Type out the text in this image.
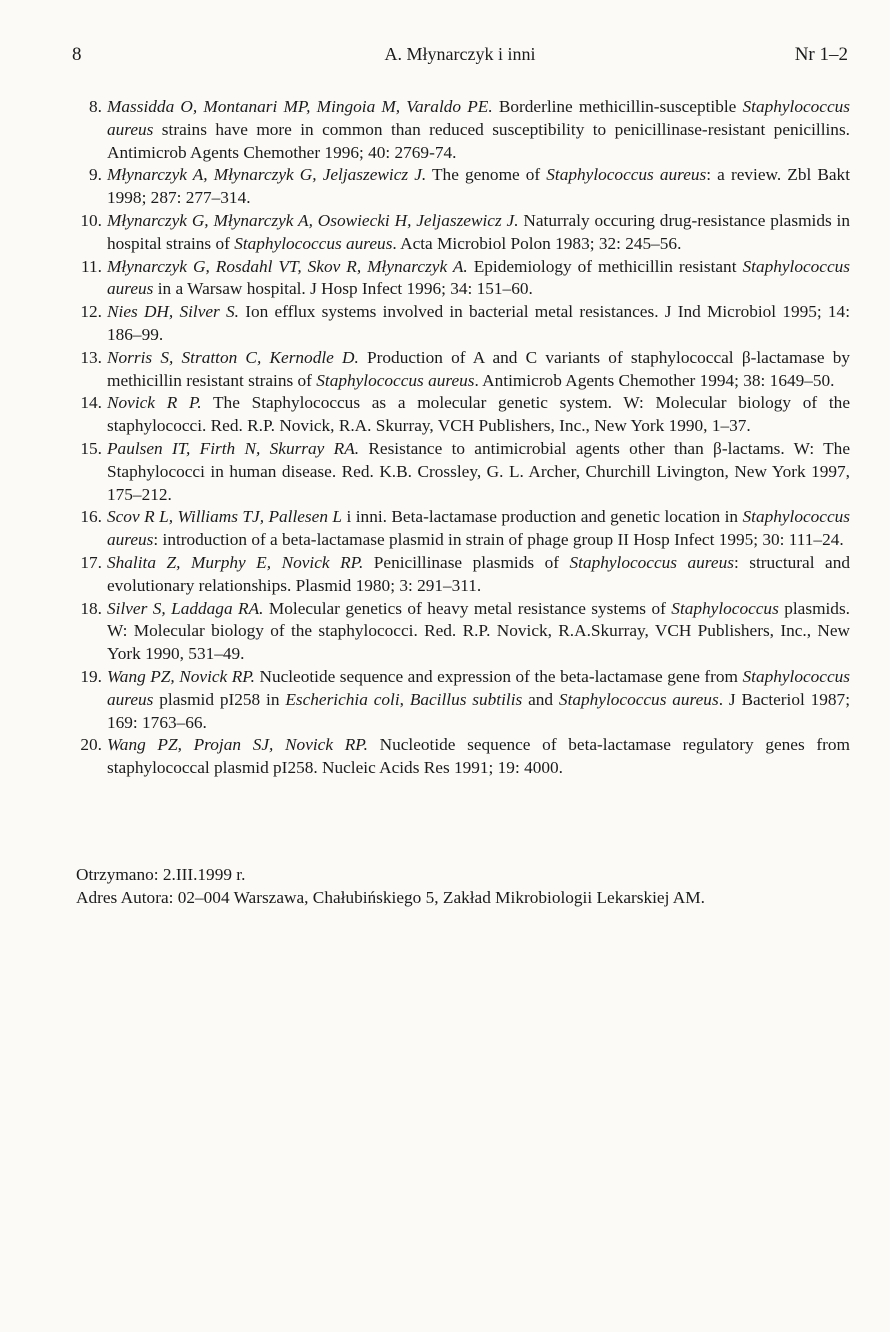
8	A. Młynarczyk i inni	Nr 1–2
8. Massidda O, Montanari MP, Mingoia M, Varaldo PE. Borderline methicillin-susceptible Staphylococcus aureus strains have more in common than reduced susceptibility to penicillinase-resistant penicillins. Antimicrob Agents Chemother 1996; 40: 2769-74.
9. Młynarczyk A, Młynarczyk G, Jeljaszewicz J. The genome of Staphylococcus aureus: a review. Zbl Bakt 1998; 287: 277–314.
10. Młynarczyk G, Młynarczyk A, Osowiecki H, Jeljaszewicz J. Naturraly occuring drug-resistance plasmids in hospital strains of Staphylococcus aureus. Acta Microbiol Polon 1983; 32: 245–56.
11. Młynarczyk G, Rosdahl VT, Skov R, Młynarczyk A. Epidemiology of methicillin resistant Staphylococcus aureus in a Warsaw hospital. J Hosp Infect 1996; 34: 151–60.
12. Nies DH, Silver S. Ion efflux systems involved in bacterial metal resistances. J Ind Microbiol 1995; 14: 186–99.
13. Norris S, Stratton C, Kernodle D. Production of A and C variants of staphylococcal β-lactamase by methicillin resistant strains of Staphylococcus aureus. Antimicrob Agents Chemother 1994; 38: 1649–50.
14. Novick R P. The Staphylococcus as a molecular genetic system. W: Molecular biology of the staphylococci. Red. R.P. Novick, R.A. Skurray, VCH Publishers, Inc., New York 1990, 1–37.
15. Paulsen IT, Firth N, Skurray RA. Resistance to antimicrobial agents other than β-lactams. W: The Staphylococci in human disease. Red. K.B. Crossley, G. L. Archer, Churchill Livington, New York 1997, 175–212.
16. Scov R L, Williams TJ, Pallesen L i inni. Beta-lactamase production and genetic location in Staphylococcus aureus: introduction of a beta-lactamase plasmid in strain of phage group II Hosp Infect 1995; 30: 111–24.
17. Shalita Z, Murphy E, Novick RP. Penicillinase plasmids of Staphylococcus aureus: structural and evolutionary relationships. Plasmid 1980; 3: 291–311.
18. Silver S, Laddaga RA. Molecular genetics of heavy metal resistance systems of Staphylococcus plasmids. W: Molecular biology of the staphylococci. Red. R.P. Novick, R.A.Skurray, VCH Publishers, Inc., New York 1990, 531–49.
19. Wang PZ, Novick RP. Nucleotide sequence and expression of the beta-lactamase gene from Staphylococcus aureus plasmid pI258 in Escherichia coli, Bacillus subtilis and Staphylococcus aureus. J Bacteriol 1987; 169: 1763–66.
20. Wang PZ, Projan SJ, Novick RP. Nucleotide sequence of beta-lactamase regulatory genes from staphylococcal plasmid pI258. Nucleic Acids Res 1991; 19: 4000.
Otrzymano: 2.III.1999 r.
Adres Autora: 02–004 Warszawa, Chałubińskiego 5, Zakład Mikrobiologii Lekarskiej AM.
